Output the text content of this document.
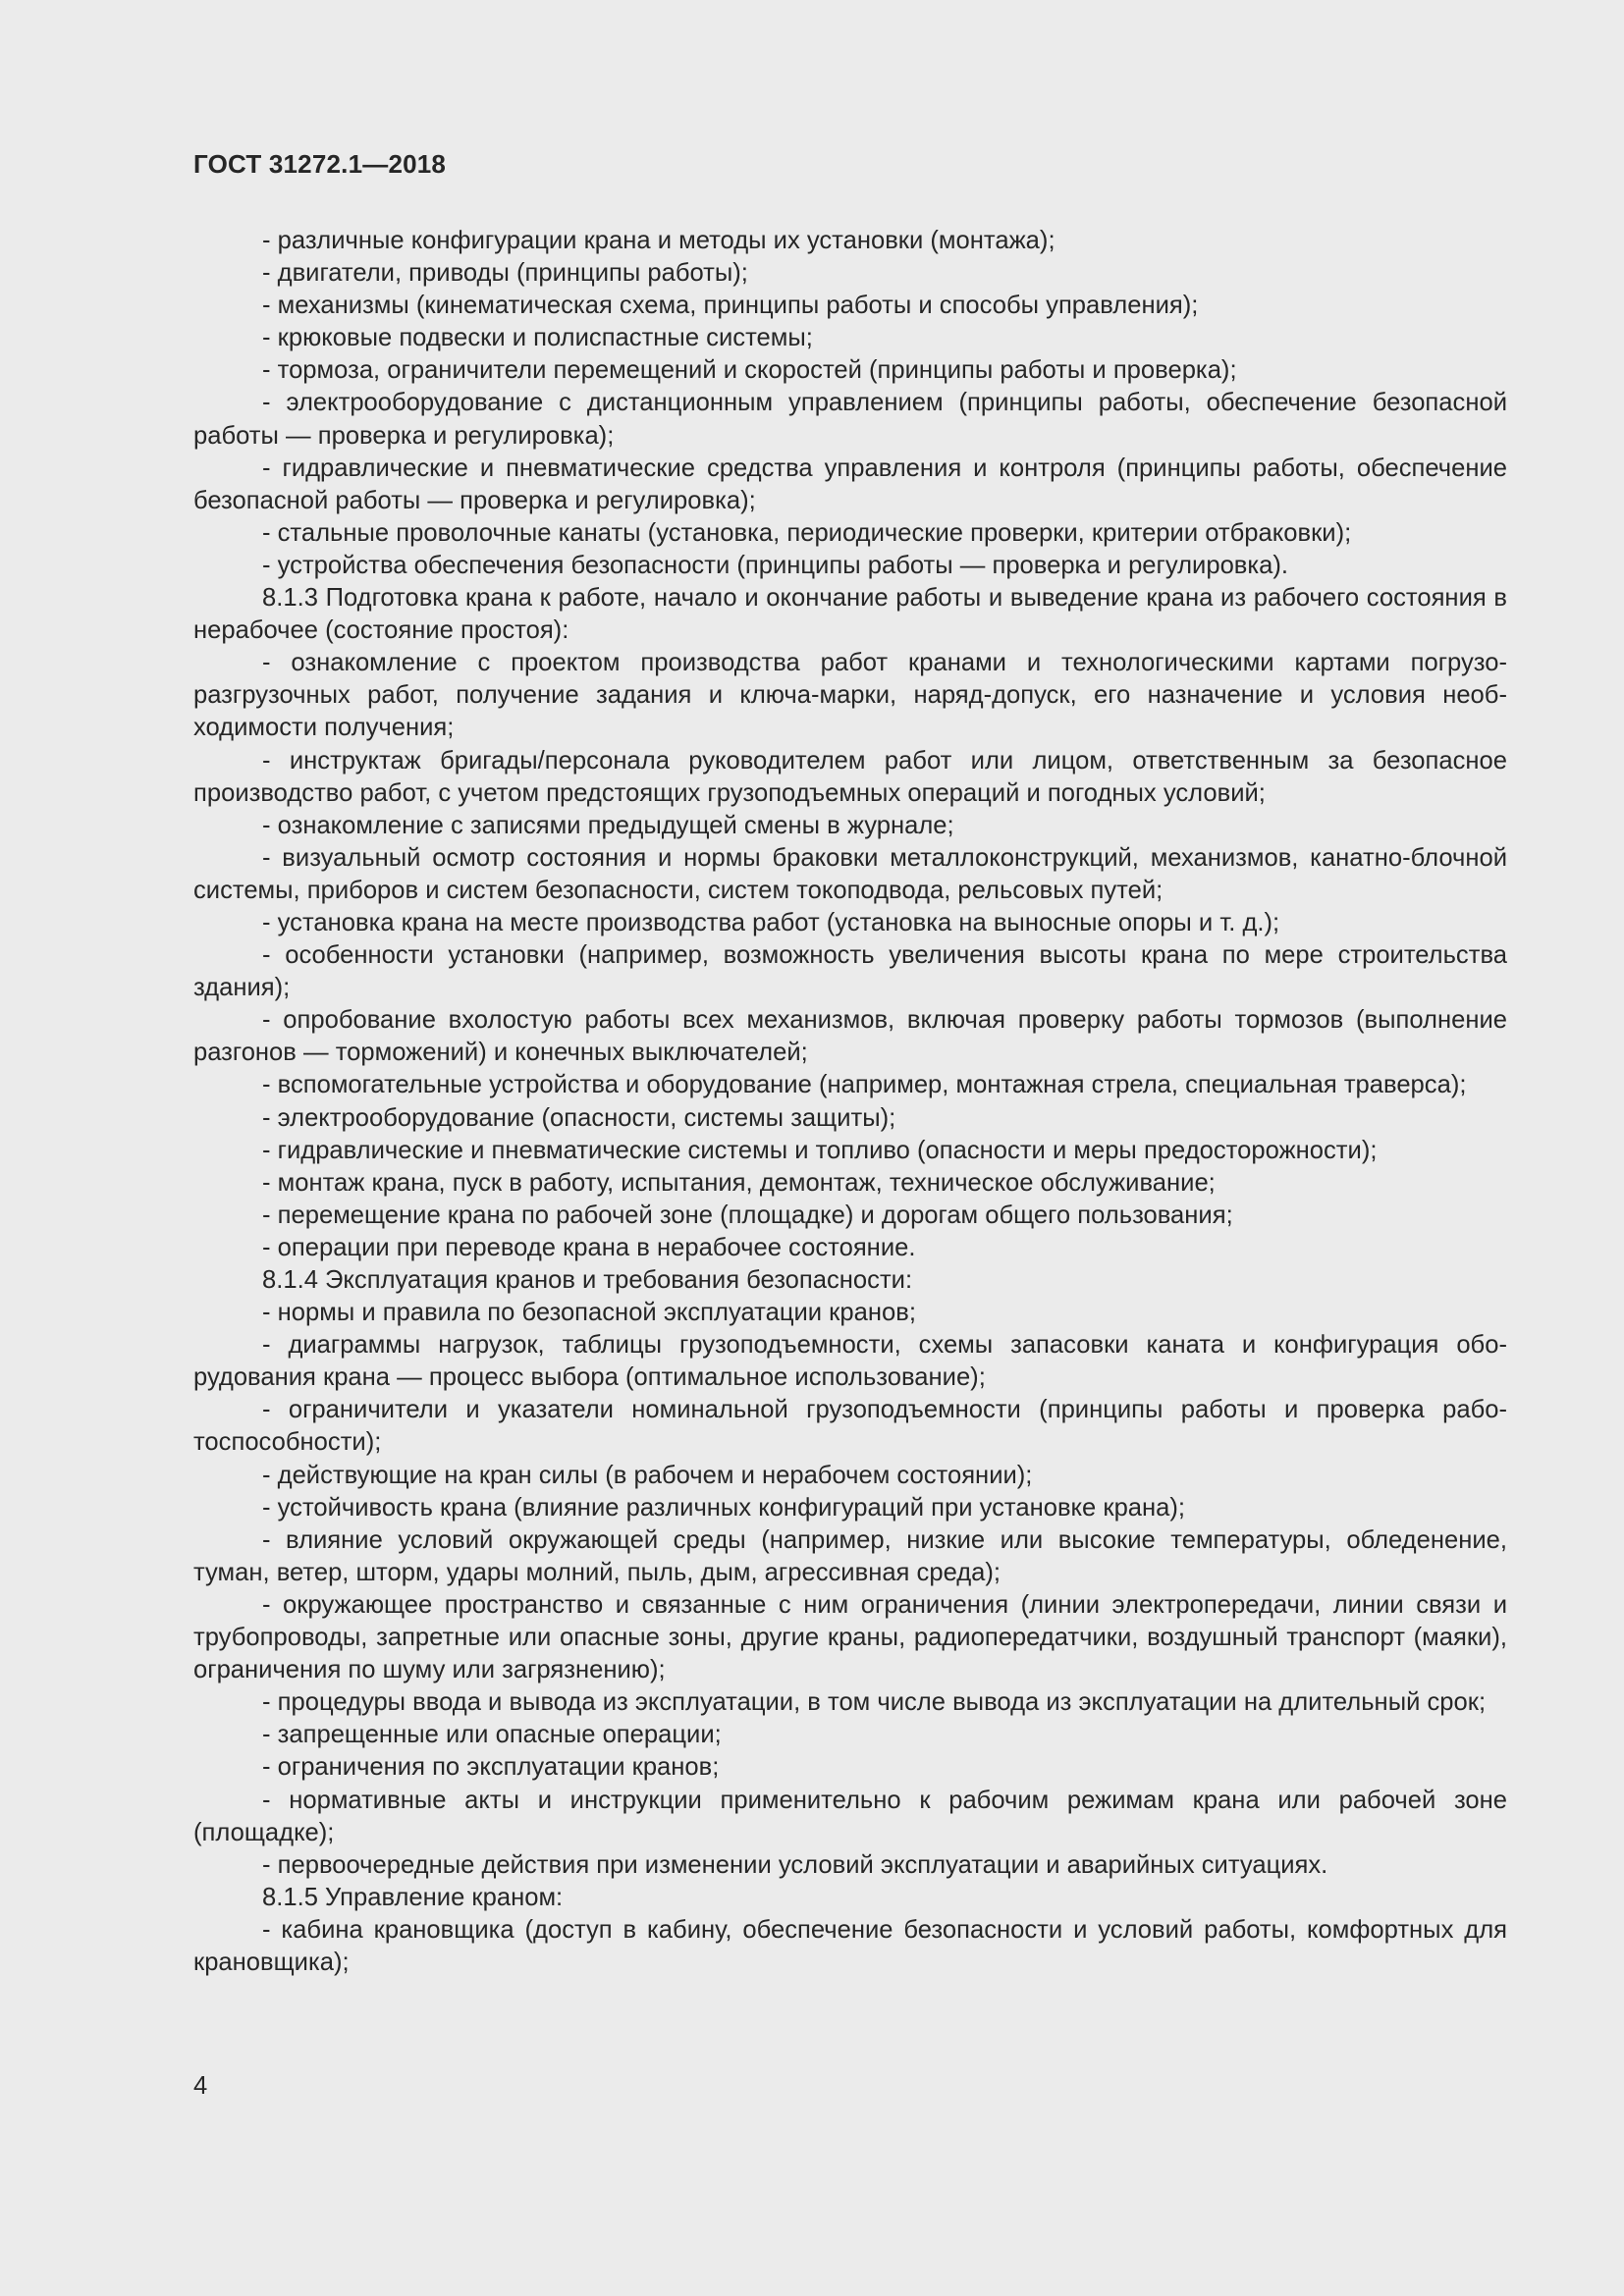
ГОСТ 31272.1—2018

- различные конфигурации крана и методы их установки (монтажа);

- двигатели, приводы (принципы работы);

- механизмы (кинематическая схема, принципы работы и способы управления);

- крюковые подвески и полиспастные системы;

- тормоза, ограничители перемещений и скоростей (принципы работы и проверка);

- электрооборудование с дистанционным управлением (принципы работы, обеспечение безопасной работы — проверка и регулировка);

- гидравлические и пневматические средства управления и контроля (принципы работы, обеспечение безопасной работы — проверка и регулировка);

- стальные проволочные канаты (установка, периодические проверки, критерии отбраковки);

- устройства обеспечения безопасности (принципы работы — проверка и регулировка).

8.1.3 Подготовка крана к работе, начало и окончание работы и выведение крана из рабочего состояния в нерабочее (состояние простоя):

- ознакомление с проектом производства работ кранами и технологическими картами погрузо-разгрузочных работ, получение задания и ключа-марки, наряд-допуск, его назначение и условия необходимости получения;

- инструктаж бригады/персонала руководителем работ или лицом, ответственным за безопасное производство работ, с учетом предстоящих грузоподъемных операций и погодных условий;

- ознакомление с записями предыдущей смены в журнале;

- визуальный осмотр состояния и нормы браковки металлоконструкций, механизмов, канатно-блочной системы, приборов и систем безопасности, систем токоподвода, рельсовых путей;

- установка крана на месте производства работ (установка на выносные опоры и т. д.);

- особенности установки (например, возможность увеличения высоты крана по мере строительства здания);

- опробование вхолостую работы всех механизмов, включая проверку работы тормозов (выполнение разгонов — торможений) и конечных выключателей;

- вспомогательные устройства и оборудование (например, монтажная стрела, специальная траверса);

- электрооборудование (опасности, системы защиты);

- гидравлические и пневматические системы и топливо (опасности и меры предосторожности);

- монтаж крана, пуск в работу, испытания, демонтаж, техническое обслуживание;

- перемещение крана по рабочей зоне (площадке) и дорогам общего пользования;

- операции при переводе крана в нерабочее состояние.

8.1.4 Эксплуатация кранов и требования безопасности:

- нормы и правила по безопасной эксплуатации кранов;

- диаграммы нагрузок, таблицы грузоподъемности, схемы запасовки каната и конфигурация оборудования крана — процесс выбора (оптимальное использование);

- ограничители и указатели номинальной грузоподъемности (принципы работы и проверка работоспособности);

- действующие на кран силы (в рабочем и нерабочем состоянии);

- устойчивость крана (влияние различных конфигураций при установке крана);

- влияние условий окружающей среды (например, низкие или высокие температуры, обледенение, туман, ветер, шторм, удары молний, пыль, дым, агрессивная среда);

- окружающее пространство и связанные с ним ограничения (линии электропередачи, линии связи и трубопроводы, запретные или опасные зоны, другие краны, радиопередатчики, воздушный транспорт (маяки), ограничения по шуму или загрязнению);

- процедуры ввода и вывода из эксплуатации, в том числе вывода из эксплуатации на длительный срок;

- запрещенные или опасные операции;

- ограничения по эксплуатации кранов;

- нормативные акты и инструкции применительно к рабочим режимам крана или рабочей зоне (площадке);

- первоочередные действия при изменении условий эксплуатации и аварийных ситуациях.

8.1.5 Управление краном:

- кабина крановщика (доступ в кабину, обеспечение безопасности и условий работы, комфортных для крановщика);

4
